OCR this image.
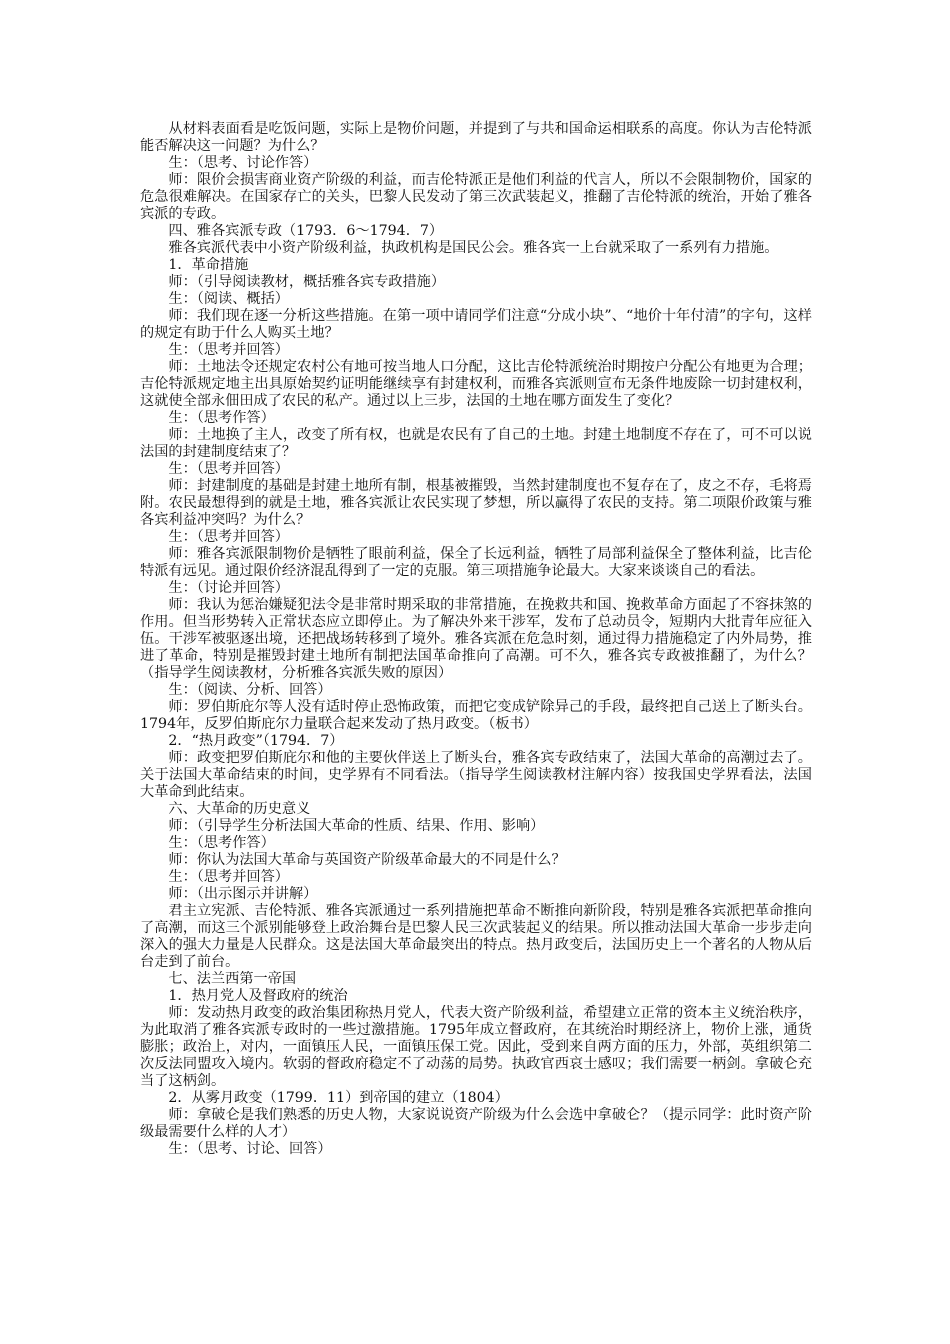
从材料表面看是吃饭问题，实际上是物价问题，并提到了与共和国命运相联系的高度。你认为吉伦特派能否解决这一问题？为什么？

生：（思考、讨论作答）

师：限价会损害商业资产阶级的利益，而吉伦特派正是他们利益的代言人，所以不会限制物价，国家的危急很难解决。在国家存亡的关头，巴黎人民发动了第三次武装起义，推翻了吉伦特派的统治，开始了雅各宾派的专政。

四、雅各宾派专政（1793．6～1794．7）

雅各宾派代表中小资产阶级利益，执政机构是国民公会。雅各宾一上台就采取了一系列有力措施。

1．革命措施

师：（引导阅读教材，概括雅各宾专政措施）

生：（阅读、概括）

师：我们现在逐一分析这些措施。在第一项中请同学们注意“分成小块”、“地价十年付清”的字句，这样的规定有助于什么人购买土地？

生：（思考并回答）

师：土地法令还规定农村公有地可按当地人口分配，这比吉伦特派统治时期按户分配公有地更为合理；吉伦特派规定地主出具原始契约证明能继续享有封建权利，而雅各宾派则宣布无条件地废除一切封建权利，这就使全部永佃田成了农民的私产。通过以上三步，法国的土地在哪方面发生了变化？

生：（思考作答）

师：土地换了主人，改变了所有权，也就是农民有了自己的土地。封建土地制度不存在了，可不可以说法国的封建制度结束了？

生：（思考并回答）

师：封建制度的基础是封建土地所有制，根基被摧毁，当然封建制度也不复存在了，皮之不存，毛将焉附。农民最想得到的就是土地，雅各宾派让农民实现了梦想，所以赢得了农民的支持。第二项限价政策与雅各宾利益冲突吗？为什么？

生：（思考并回答）

师：雅各宾派限制物价是牺牲了眼前利益，保全了长远利益，牺牲了局部利益保全了整体利益，比吉伦特派有远见。通过限价经济混乱得到了一定的克服。第三项措施争论最大。大家来谈谈自己的看法。

生：（讨论并回答）

师：我认为惩治嫌疑犯法令是非常时期采取的非常措施，在挽救共和国、挽救革命方面起了不容抹煞的作用。但当形势转入正常状态应立即停止。为了解决外来干涉军，发布了总动员令，短期内大批青年应征入伍。干涉军被驱逐出境，还把战场转移到了境外。雅各宾派在危急时刻，通过得力措施稳定了内外局势，推进了革命，特别是摧毁封建土地所有制把法国革命推向了高潮。可不久，雅各宾专政被推翻了，为什么？（指导学生阅读教材，分析雅各宾派失败的原因）

生：（阅读、分析、回答）

师：罗伯斯庇尔等人没有适时停止恐怖政策，而把它变成铲除异己的手段，最终把自己送上了断头台。1794年，反罗伯斯庇尔力量联合起来发动了热月政变。（板书）

2．“热月政变”（1794．7）

师：政变把罗伯斯庇尔和他的主要伙伴送上了断头台，雅各宾专政结束了，法国大革命的高潮过去了。关于法国大革命结束的时间，史学界有不同看法。（指导学生阅读教材注解内容）按我国史学界看法，法国大革命到此结束。

六、大革命的历史意义

师：（引导学生分析法国大革命的性质、结果、作用、影响）

生：（思考作答）

师：你认为法国大革命与英国资产阶级革命最大的不同是什么？

生：（思考并回答）

师：（出示图示并讲解）

君主立宪派、吉伦特派、雅各宾派通过一系列措施把革命不断推向新阶段，特别是雅各宾派把革命推向了高潮，而这三个派别能够登上政治舞台是巴黎人民三次武装起义的结果。所以推动法国大革命一步步走向深入的强大力量是人民群众。这是法国大革命最突出的特点。热月政变后，法国历史上一个著名的人物从后台走到了前台。

七、法兰西第一帝国

1．热月党人及督政府的统治

师：发动热月政变的政治集团称热月党人，代表大资产阶级利益，希望建立正常的资本主义统治秩序，为此取消了雅各宾派专政时的一些过激措施。1795年成立督政府，在其统治时期经济上，物价上涨，通货膨胀；政治上，对内，一面镇压人民，一面镇压保工党。因此，受到来自两方面的压力，外部，英组织第二次反法同盟攻入境内。软弱的督政府稳定不了动荡的局势。执政官西哀士感叹；我们需要一柄剑。拿破仑充当了这柄剑。

2．从雾月政变（1799．11）到帝国的建立（1804）

师：拿破仑是我们熟悉的历史人物，大家说说资产阶级为什么会选中拿破仑？（提示同学：此时资产阶级最需要什么样的人才）

生：（思考、讨论、回答）
